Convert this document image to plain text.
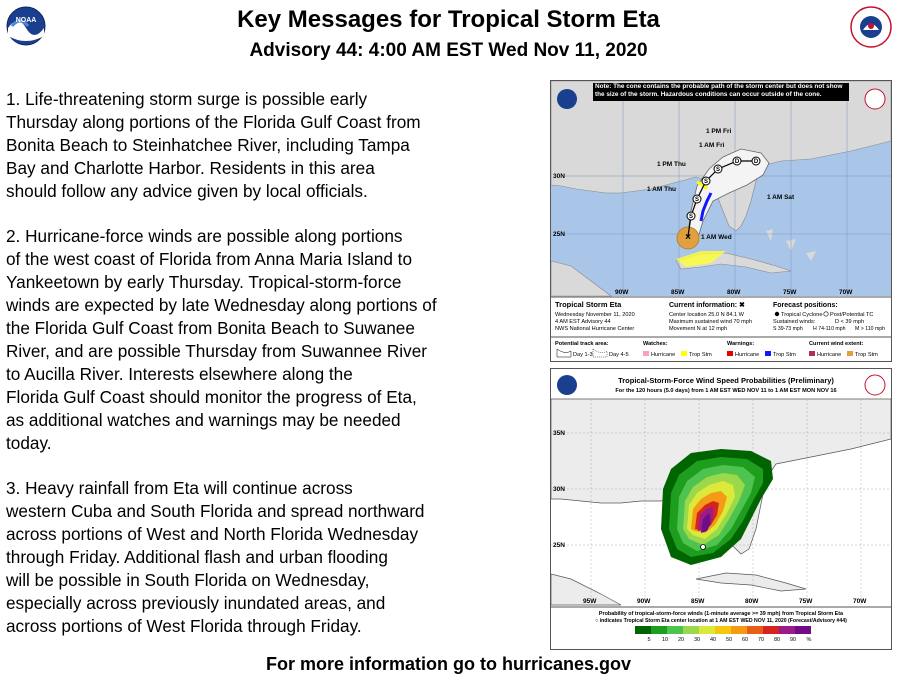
NOAA	Key Messages for Tropical Storm Eta
Advisory 44: 4:00 AM EST Wed Nov 11, 2020

1. Life-threatening storm surge is possible early
Thursday along portions of the Florida Gulf Coast from
Bonita Beach to Steinhatchee River, including Tampa
Bay and Charlotte Harbor. Residents in this area
should follow any advice given by local officials.

2. Hurricane-force winds are possible along portions
of the west coast of Florida from Anna Maria Island to
Yankeetown by early Thursday. Tropical-storm-force
winds are expected by late Wednesday along portions of
the Florida Gulf Coast from Bonita Beach to Suwanee
River, and are possible Thursday from Suwannee River
to Aucilla River. Interests elsewhere along the
Florida Gulf Coast should monitor the progress of Eta,
as additional watches and warnings may be needed
today.

3. Heavy rainfall from Eta will continue across
western Cuba and South Florida and spread northward
across portions of West and North Florida Wednesday
through Friday. Additional flash and urban flooding
will be possible in South Florida on Wednesday,
especially across previously inundated areas, and
across portions of West Florida through Friday.

Note: The cone contains the probable path of the storm center but does not show the size of the storm. Hazardous conditions can occur outside of the cone.
S
S
S
S
D D
×
1 PM Fri
1 AM Fri
1 PM Thu
1 AM Thu
1 AM Sat
1 AM Wed
30N
25N
90W	85W	80W	75W	70W
Tropical Storm Eta
Wednesday November 11, 2020
4 AM EST Advisory 44
NWS National Hurricane Center
Current information: ✖
Center location 25.0 N 84.1 W
Maximum sustained wind 70 mph
Movement N at 12 mph
Forecast positions:
Tropical Cyclone Post/Potential TC
Sustained winds:	D < 39 mph
S 39-73 mph H 74-110 mph M > 110 mph
Potential track area:
Day 1-3	Day 4-5
Watches:
Hurricane Trop Stm
Warnings:
Hurricane Trop Stm
Current wind extent:
Hurricane Trop Stm
Tropical-Storm-Force Wind Speed Probabilities (Preliminary)
For the 120 hours (5.0 days) from 1 AM EST WED NOV 11 to 1 AM EST MON NOV 16
35N
30N
25N
95W	90W	85W	80W	75W	70W
Probability of tropical-storm-force winds (1-minute average >= 39 mph) from Tropical Storm Eta
○ indicates Tropical Storm Eta center location at 1 AM EST WED NOV 11, 2020 (Forecast/Advisory #44)
5 10 20 30 40 50 60 70 80 90 %
For more information go to hurricanes.gov
